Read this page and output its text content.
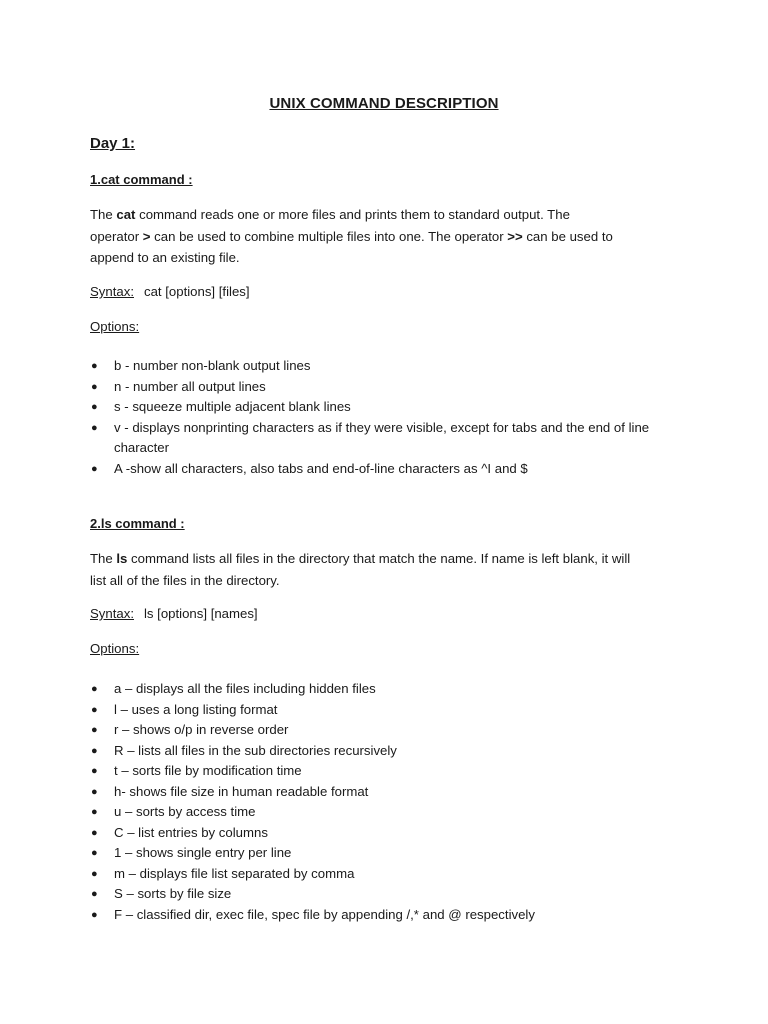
UNIX COMMAND DESCRIPTION
Day 1:
1.cat command :
The cat command reads one or more files and prints them to standard output. The
operator > can be used to combine multiple files into one. The operator >> can be used to
append to an existing file.
Syntax: cat [options] [files]
Options:
● b - number non-blank output lines
● n - number all output lines
● s - squeeze multiple adjacent blank lines
● v - displays nonprinting characters as if they were visible, except for tabs and the end of line
character
● A -show all characters, also tabs and end-of-line characters as ^I and $
2.ls command :
The ls command lists all files in the directory that match the name. If name is left blank, it will
list all of the files in the directory.
Syntax: ls [options] [names]
Options:
● a – displays all the files including hidden files
● l – uses a long listing format
● r – shows o/p in reverse order
● R – lists all files in the sub directories recursively
● t – sorts file by modification time
● h- shows file size in human readable format
● u – sorts by access time
● C – list entries by columns
● 1 – shows single entry per line
● m – displays file list separated by comma
● S – sorts by file size
● F – classified dir, exec file, spec file by appending /,* and @ respectively
